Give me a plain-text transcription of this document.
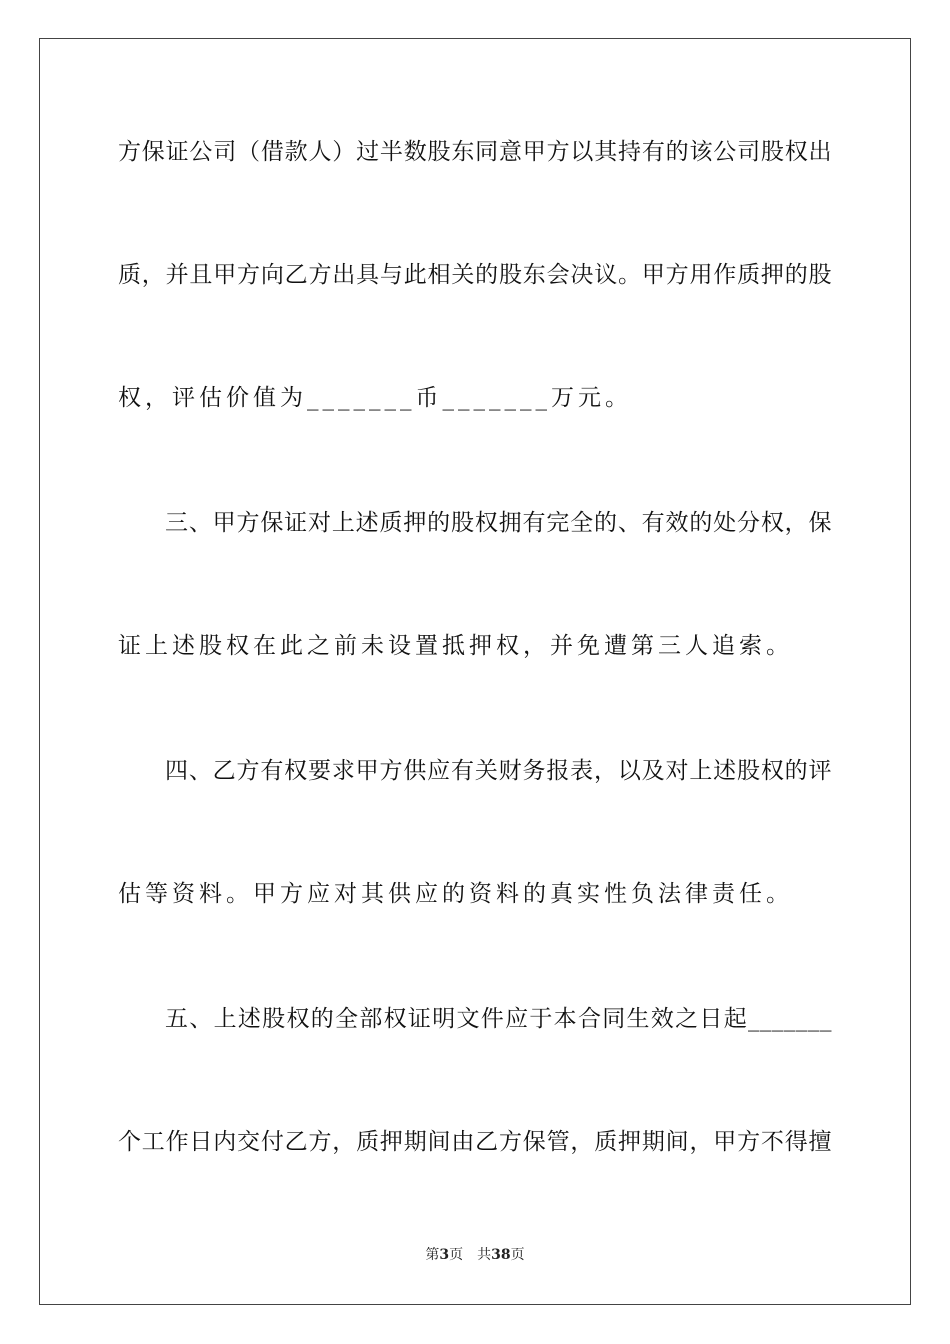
方保证公司（借款人）过半数股东同意甲方以其持有的该公司股权出
质，并且甲方向乙方出具与此相关的股东会决议。甲方用作质押的股
权，评估价值为_______币_______万元。
三、甲方保证对上述质押的股权拥有完全的、有效的处分权，保
证上述股权在此之前未设置抵押权，并免遭第三人追索。
四、乙方有权要求甲方供应有关财务报表，以及对上述股权的评
估等资料。甲方应对其供应的资料的真实性负法律责任。
五、上述股权的全部权证明文件应于本合同生效之日起_______
个工作日内交付乙方，质押期间由乙方保管，质押期间，甲方不得擅
第3页 共38页
